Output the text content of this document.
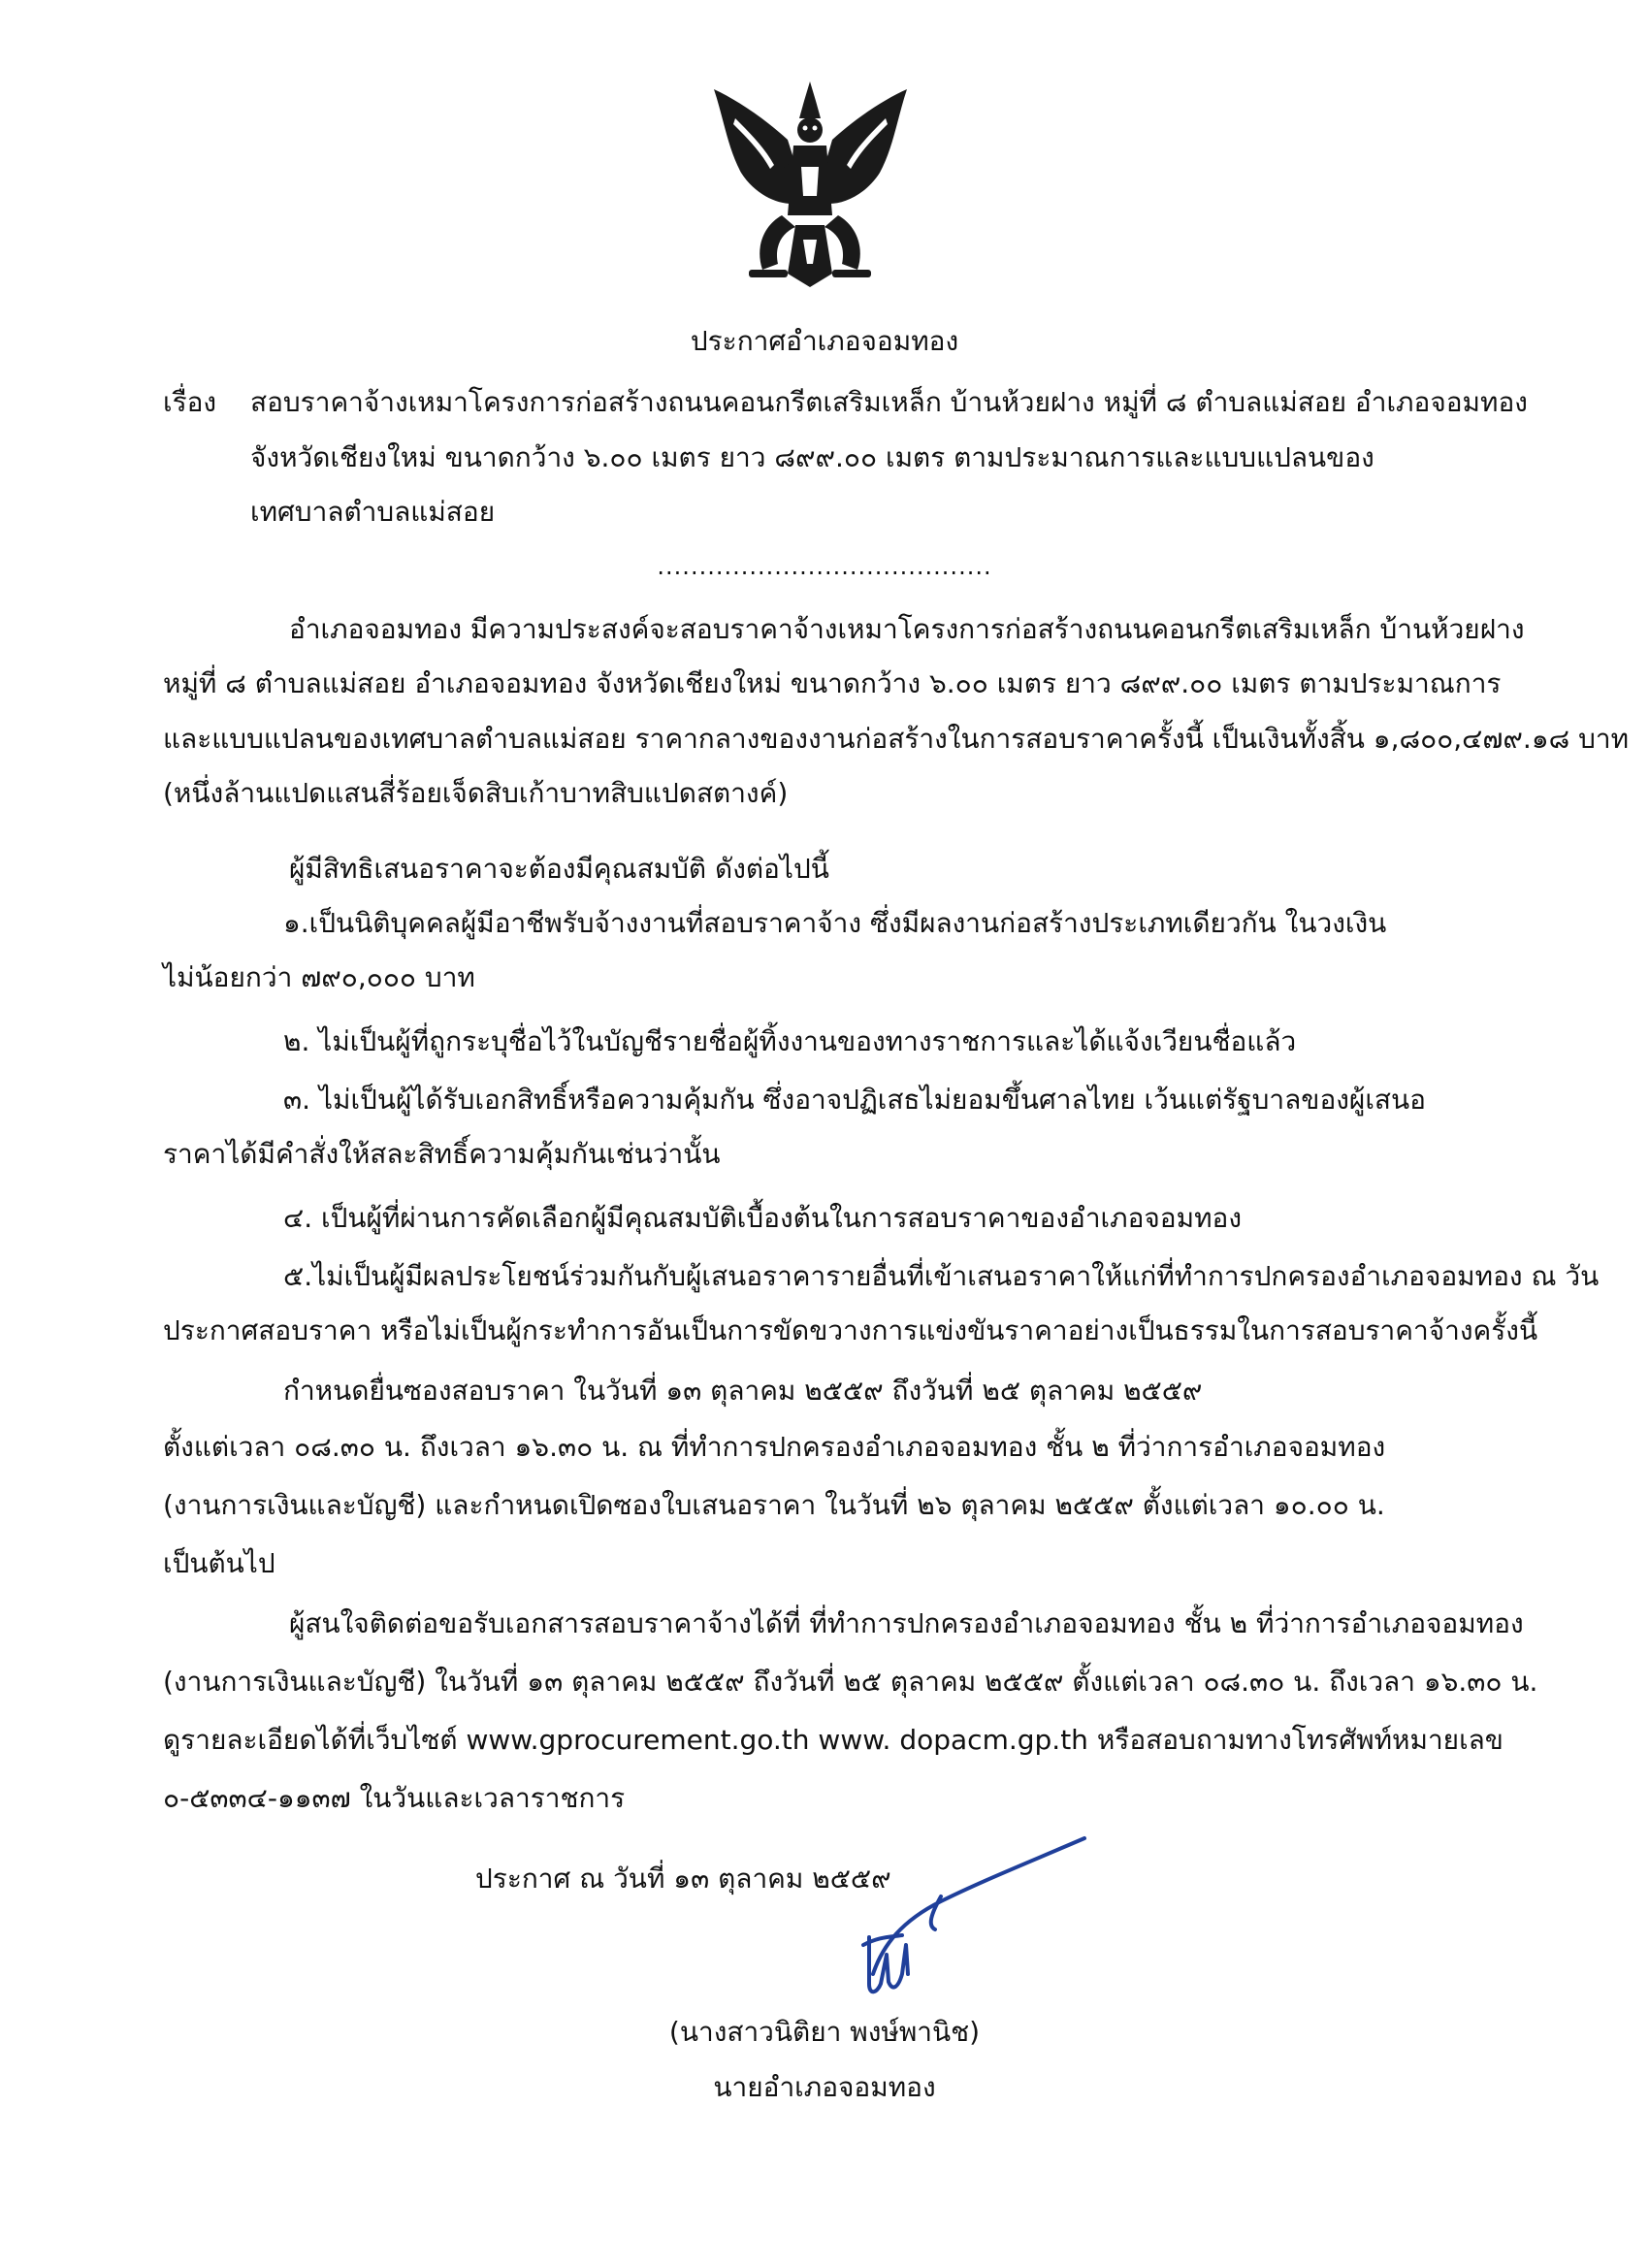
ประกาศอำเภอจอมทอง
เรื่อง สอบราคาจ้างเหมาโครงการก่อสร้างถนนคอนกรีตเสริมเหล็ก บ้านห้วยฝาง หมู่ที่ ๘ ตำบลแม่สอย อำเภอจอมทอง
จังหวัดเชียงใหม่ ขนาดกว้าง ๖.๐๐ เมตร ยาว ๘๙๙.๐๐ เมตร ตามประมาณการและแบบแปลนของ
เทศบาลตำบลแม่สอย
........................................
อำเภอจอมทอง มีความประสงค์จะสอบราคาจ้างเหมาโครงการก่อสร้างถนนคอนกรีตเสริมเหล็ก บ้านห้วยฝาง
หมู่ที่ ๘ ตำบลแม่สอย อำเภอจอมทอง จังหวัดเชียงใหม่ ขนาดกว้าง ๖.๐๐ เมตร ยาว ๘๙๙.๐๐ เมตร ตามประมาณการ
และแบบแปลนของเทศบาลตำบลแม่สอย ราคากลางของงานก่อสร้างในการสอบราคาครั้งนี้ เป็นเงินทั้งสิ้น ๑,๘๐๐,๔๗๙.๑๘ บาท
(หนึ่งล้านแปดแสนสี่ร้อยเจ็ดสิบเก้าบาทสิบแปดสตางค์)
ผู้มีสิทธิเสนอราคาจะต้องมีคุณสมบัติ ดังต่อไปนี้
๑.เป็นนิติบุคคลผู้มีอาชีพรับจ้างงานที่สอบราคาจ้าง ซึ่งมีผลงานก่อสร้างประเภทเดียวกัน ในวงเงิน
ไม่น้อยกว่า ๗๙๐,๐๐๐ บาท
๒. ไม่เป็นผู้ที่ถูกระบุชื่อไว้ในบัญชีรายชื่อผู้ทิ้งงานของทางราชการและได้แจ้งเวียนชื่อแล้ว
๓. ไม่เป็นผู้ได้รับเอกสิทธิ์หรือความคุ้มกัน ซึ่งอาจปฏิเสธไม่ยอมขึ้นศาลไทย เว้นแต่รัฐบาลของผู้เสนอ
ราคาได้มีคำสั่งให้สละสิทธิ์ความคุ้มกันเช่นว่านั้น
๔. เป็นผู้ที่ผ่านการคัดเลือกผู้มีคุณสมบัติเบื้องต้นในการสอบราคาของอำเภอจอมทอง
๕.ไม่เป็นผู้มีผลประโยชน์ร่วมกันกับผู้เสนอราคารายอื่นที่เข้าเสนอราคาให้แก่ที่ทำการปกครองอำเภอจอมทอง ณ วัน
ประกาศสอบราคา หรือไม่เป็นผู้กระทำการอันเป็นการขัดขวางการแข่งขันราคาอย่างเป็นธรรมในการสอบราคาจ้างครั้งนี้
กำหนดยื่นซองสอบราคา ในวันที่ ๑๓ ตุลาคม ๒๕๕๙ ถึงวันที่ ๒๕ ตุลาคม ๒๕๕๙
ตั้งแต่เวลา ๐๘.๓๐ น. ถึงเวลา ๑๖.๓๐ น. ณ ที่ทำการปกครองอำเภอจอมทอง ชั้น ๒ ที่ว่าการอำเภอจอมทอง
(งานการเงินและบัญชี) และกำหนดเปิดซองใบเสนอราคา ในวันที่ ๒๖ ตุลาคม ๒๕๕๙ ตั้งแต่เวลา ๑๐.๐๐ น.
เป็นต้นไป
ผู้สนใจติดต่อขอรับเอกสารสอบราคาจ้างได้ที่ ที่ทำการปกครองอำเภอจอมทอง ชั้น ๒ ที่ว่าการอำเภอจอมทอง
(งานการเงินและบัญชี) ในวันที่ ๑๓ ตุลาคม ๒๕๕๙ ถึงวันที่ ๒๕ ตุลาคม ๒๕๕๙ ตั้งแต่เวลา ๐๘.๓๐ น. ถึงเวลา ๑๖.๓๐ น.
ดูรายละเอียดได้ที่เว็บไซต์ www.gprocurement.go.th www. dopacm.gp.th หรือสอบถามทางโทรศัพท์หมายเลข
๐-๕๓๓๔-๑๑๓๗ ในวันและเวลาราชการ
ประกาศ ณ วันที่ ๑๓ ตุลาคม ๒๕๕๙
(นางสาวนิติยา พงษ์พานิช)
นายอำเภอจอมทอง
